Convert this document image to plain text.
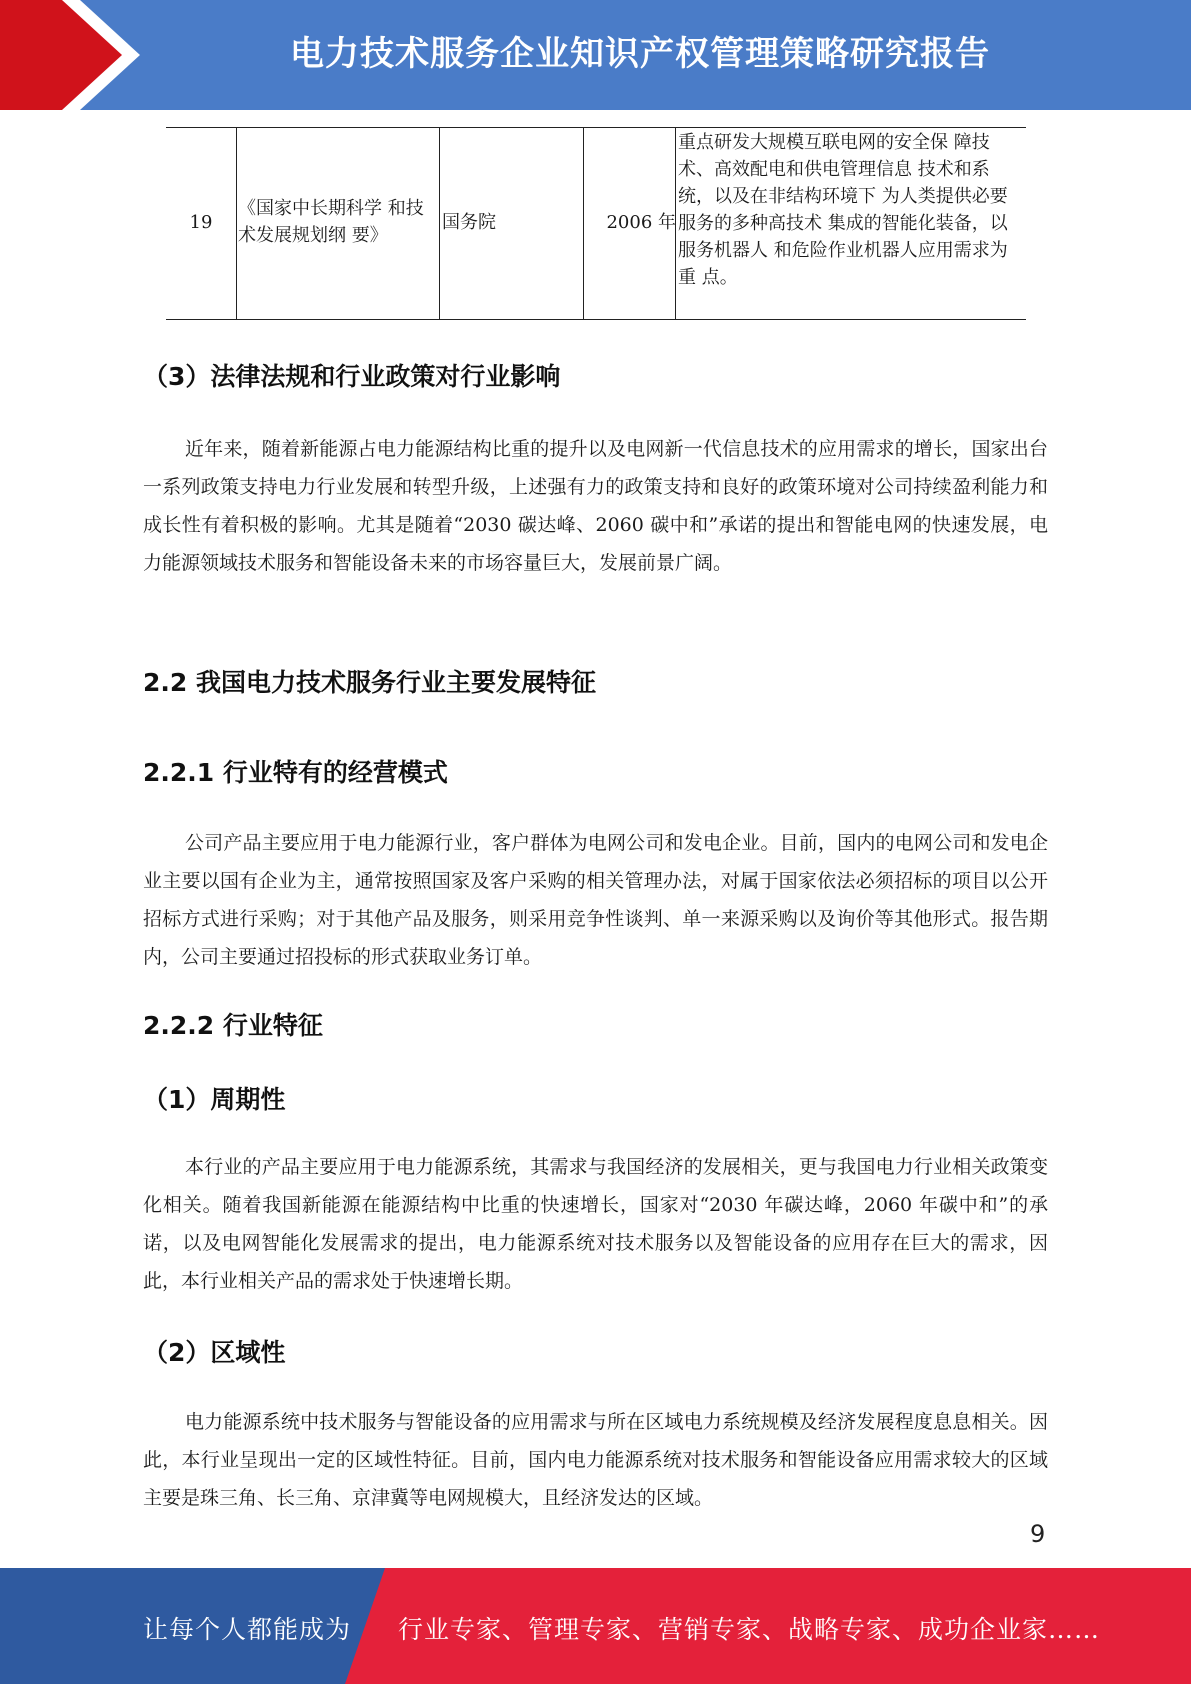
电力技术服务企业知识产权管理策略研究报告
19
《国家中长期科学 和技术发展规划纲 要》
国务院	2006 年
重点研发大规模互联电网的安全保 障技术、高效配电和供电管理信息 技术和系统，以及在非结构环境下 为人类提供必要服务的多种高技术 集成的智能化装备，以服务机器人 和危险作业机器人应用需求为重 点。
（3）法律法规和行业政策对行业影响
近年来，随着新能源占电力能源结构比重的提升以及电网新一代信息技术的应用需求的增长，国家出台一系列政策支持电力行业发展和转型升级，上述强有力的政策支持和良好的政策环境对公司持续盈利能力和成长性有着积极的影响。尤其是随着“2030 碳达峰、2060 碳中和”承诺的提出和智能电网的快速发展，电力能源领域技术服务和智能设备未来的市场容量巨大，发展前景广阔。
2.2 我国电力技术服务行业主要发展特征
2.2.1 行业特有的经营模式
公司产品主要应用于电力能源行业，客户群体为电网公司和发电企业。目前，国内的电网公司和发电企业主要以国有企业为主，通常按照国家及客户采购的相关管理办法，对属于国家依法必须招标的项目以公开招标方式进行采购；对于其他产品及服务，则采用竞争性谈判、单一来源采购以及询价等其他形式。报告期内，公司主要通过招投标的形式获取业务订单。
2.2.2 行业特征
（1）周期性
本行业的产品主要应用于电力能源系统，其需求与我国经济的发展相关，更与我国电力行业相关政策变化相关。随着我国新能源在能源结构中比重的快速增长，国家对“2030 年碳达峰，2060 年碳中和”的承诺，以及电网智能化发展需求的提出，电力能源系统对技术服务以及智能设备的应用存在巨大的需求，因此，本行业相关产品的需求处于快速增长期。
（2）区域性
电力能源系统中技术服务与智能设备的应用需求与所在区域电力系统规模及经济发展程度息息相关。因此，本行业呈现出一定的区域性特征。目前，国内电力能源系统对技术服务和智能设备应用需求较大的区域主要是珠三角、长三角、京津冀等电网规模大，且经济发达的区域。
9
让每个人都能成为 行业专家、管理专家、营销专家、战略专家、成功企业家……
